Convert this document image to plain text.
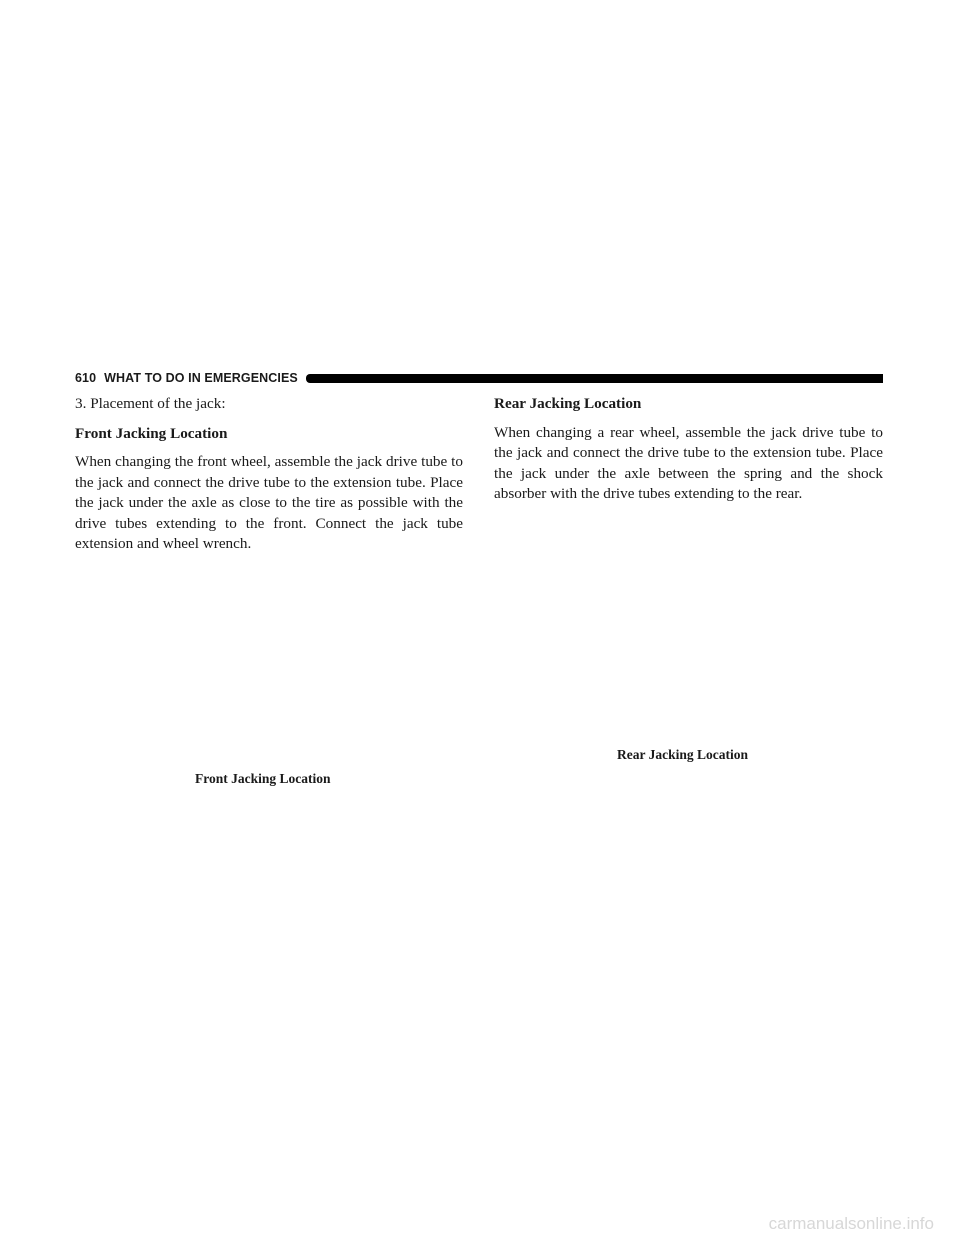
610 WHAT TO DO IN EMERGENCIES

3. Placement of the jack:

Front Jacking Location

When changing the front wheel, assemble the jack drive tube to the jack and connect the drive tube to the extension tube. Place the jack under the axle as close to the tire as possible with the drive tubes extending to the front. Connect the jack tube extension and wheel wrench.

Rear Jacking Location

When changing a rear wheel, assemble the jack drive tube to the jack and connect the drive tube to the extension tube. Place the jack under the axle between the spring and the shock absorber with the drive tubes extending to the rear.

Front Jacking Location
Rear Jacking Location
carmanualsonline.info
